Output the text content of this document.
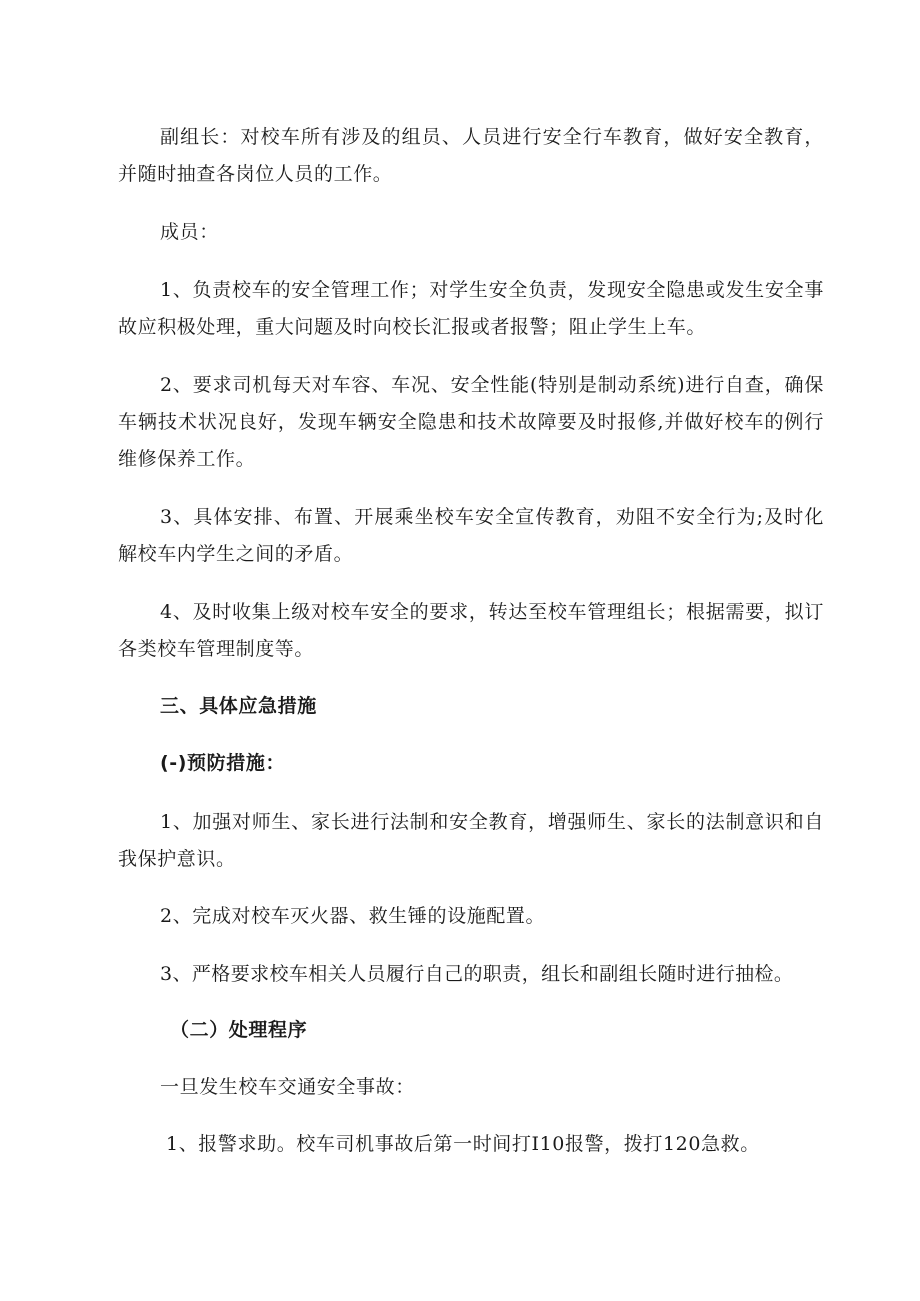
副组长：对校车所有涉及的组员、人员进行安全行车教育，做好安全教育，并随时抽查各岗位人员的工作。

成员：

1、负责校车的安全管理工作；对学生安全负责，发现安全隐患或发生安全事故应积极处理，重大问题及时向校长汇报或者报警；阻止学生上车。

2、要求司机每天对车容、车况、安全性能(特别是制动系统)进行自查，确保车辆技术状况良好，发现车辆安全隐患和技术故障要及时报修,并做好校车的例行维修保养工作。

3、具体安排、布置、开展乘坐校车安全宣传教育，劝阻不安全行为;及时化解校车内学生之间的矛盾。

4、及时收集上级对校车安全的要求，转达至校车管理组长；根据需要，拟订各类校车管理制度等。

三、具体应急措施
(-)预防措施：

1、加强对师生、家长进行法制和安全教育，增强师生、家长的法制意识和自我保护意识。

2、完成对校车灭火器、救生锤的设施配置。

3、严格要求校车相关人员履行自己的职责，组长和副组长随时进行抽检。

（二）处理程序

一旦发生校车交通安全事故：

1、报警求助。校车司机事故后第一时间打I10报警，拨打120急救。
